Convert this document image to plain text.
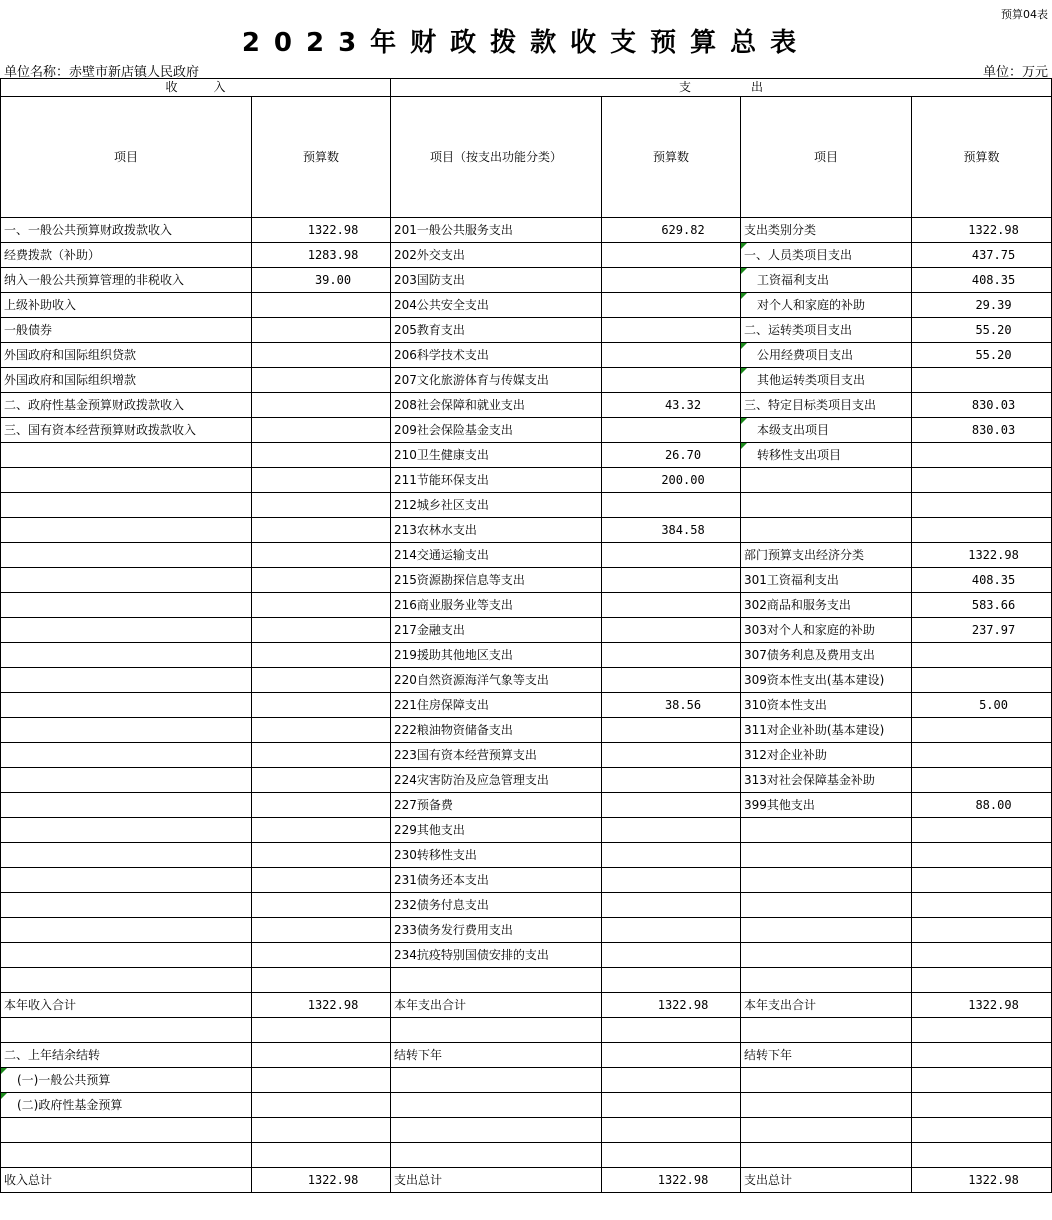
预算04表
2023年财政拨款收支预算总表
单位名称：赤壁市新店镇人民政府	单位：万元
收　　　入		支　　　　　出			
项目	预算数	项目（按支出功能分类）	预算数	项目	预算数
一、一般公共预算财政拨款收入	1322.98	201一般公共服务支出	629.82	支出类别分类	1322.98
经费拨款（补助）	1283.98	202外交支出		一、人员类项目支出	437.75
纳入一般公共预算管理的非税收入	39.00	203国防支出		工资福利支出	408.35
上级补助收入		204公共安全支出		对个人和家庭的补助	29.39
一般债券		205教育支出		二、运转类项目支出	55.20
外国政府和国际组织贷款		206科学技术支出		公用经费项目支出	55.20
外国政府和国际组织增款		207文化旅游体育与传媒支出		其他运转类项目支出	
二、政府性基金预算财政拨款收入		208社会保障和就业支出	43.32	三、特定目标类项目支出	830.03
三、国有资本经营预算财政拨款收入		209社会保险基金支出		本级支出项目	830.03
		210卫生健康支出	26.70	转移性支出项目	
		211节能环保支出	200.00		
		212城乡社区支出			
		213农林水支出	384.58		
		214交通运输支出		部门预算支出经济分类	1322.98
		215资源勘探信息等支出		301工资福利支出	408.35
		216商业服务业等支出		302商品和服务支出	583.66
		217金融支出		303对个人和家庭的补助	237.97
		219援助其他地区支出		307债务利息及费用支出	
		220自然资源海洋气象等支出		309资本性支出(基本建设)	
		221住房保障支出	38.56	310资本性支出	5.00
		222粮油物资储备支出		311对企业补助(基本建设)	
		223国有资本经营预算支出		312对企业补助	
		224灾害防治及应急管理支出		313对社会保障基金补助	
		227预备费		399其他支出	88.00
		229其他支出			
		230转移性支出			
		231债务还本支出			
		232债务付息支出			
		233债务发行费用支出			
		234抗疫特别国债安排的支出			

本年收入合计	1322.98	本年支出合计	1322.98	本年支出合计	1322.98

二、上年结余结转		结转下年		结转下年	
(一)一般公共预算					
(二)政府性基金预算					

收入总计	1322.98	支出总计	1322.98	支出总计	1322.98
